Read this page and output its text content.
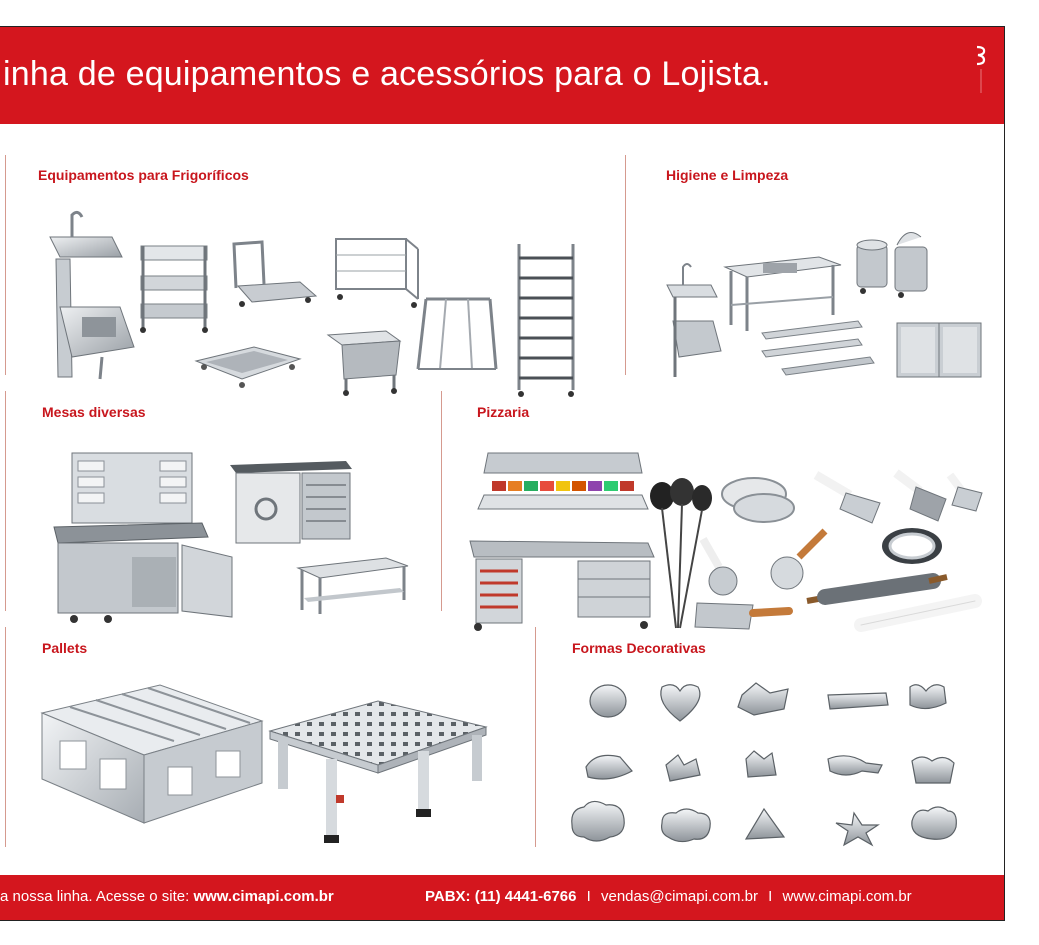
inha de equipamentos e acessórios para o Lojista.
Equipamentos para Frigoríficos	Higiene e Limpeza
Mesas diversas	Pizzaria
Pallets	Formas Decorativas
a nossa linha. Acesse o site: www.cimapi.com.br	PABX: (11) 4441-6766 I vendas@cimapi.com.br I www.cimapi.com.br
